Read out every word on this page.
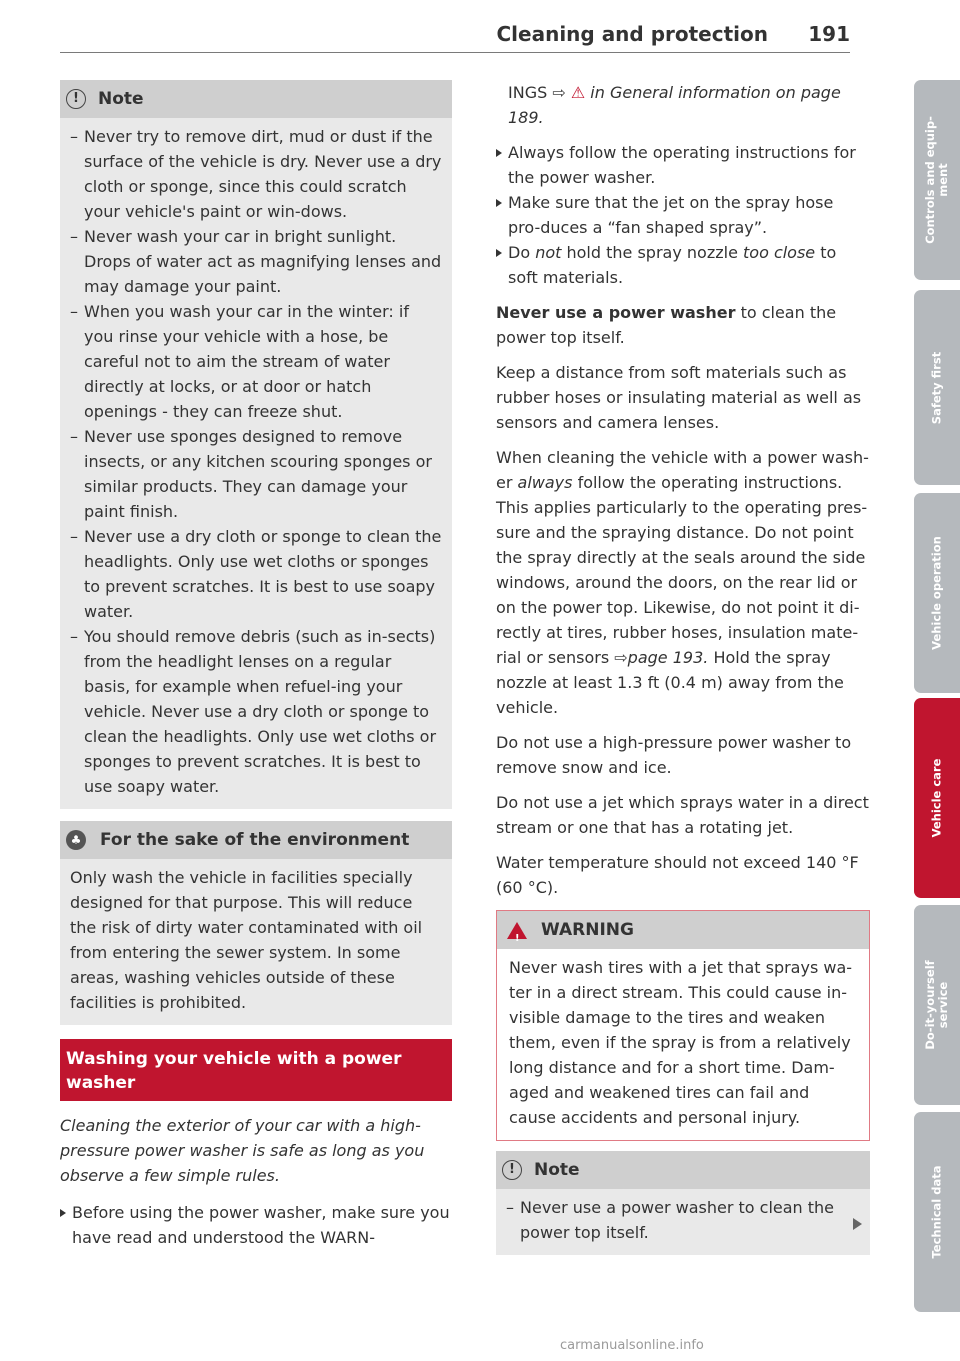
Cleaning and protection 191
!	Note
– Never try to remove dirt, mud or dust if the surface of the vehicle is dry. Never use a dry cloth or sponge, since this could scratch your vehicle's paint or win-dows.
– Never wash your car in bright sunlight. Drops of water act as magnifying lenses and may damage your paint.
– When you wash your car in the winter: if you rinse your vehicle with a hose, be careful not to aim the stream of water directly at locks, or at door or hatch openings - they can freeze shut.
– Never use sponges designed to remove insects, or any kitchen scouring sponges or similar products. They can damage your paint finish.
– Never use a dry cloth or sponge to clean the headlights. Only use wet cloths or sponges to prevent scratches. It is best to use soapy water.
– You should remove debris (such as in-sects) from the headlight lenses on a regular basis, for example when refuel-ing your vehicle. Never use a dry cloth or sponge to clean the headlights. Only use wet cloths or sponges to prevent scratches. It is best to use soapy water.
♣ For the sake of the environment

Only wash the vehicle in facilities specially designed for that purpose. This will reduce the risk of dirty water contaminated with oil from entering the sewer system. In some areas, washing vehicles outside of these facilities is prohibited.

Washing your vehicle with a power washer

Cleaning the exterior of your car with a high-pressure power washer is safe as long as you observe a few simple rules.

Before using the power washer, make sure you have read and understood the WARN-

INGS ⇨ ⚠ in General information on page 189.

Always follow the operating instructions for the power washer.
Make sure that the jet on the spray hose pro-duces a “fan shaped spray”.
Do not hold the spray nozzle too close to soft materials.

Never use a power washer to clean the power top itself.

Keep a distance from soft materials such as rubber hoses or insulating material as well as sensors and camera lenses.

When cleaning the vehicle with a power wash-er always follow the operating instructions. This applies particularly to the operating pres-sure and the spraying distance. Do not point the spray directly at the seals around the side windows, around the doors, on the rear lid or on the power top. Likewise, do not point it di-rectly at tires, rubber hoses, insulation mate-rial or sensors ⇨page 193. Hold the spray nozzle at least 1.3 ft (0.4 m) away from the vehicle.

Do not use a high-pressure power washer to remove snow and ice.

Do not use a jet which sprays water in a direct stream or one that has a rotating jet.

Water temperature should not exceed 140 °F (60 °C).

! WARNING
Never wash tires with a jet that sprays wa-ter in a direct stream. This could cause in-visible damage to the tires and weaken them, even if the spray is from a relatively long distance and for a short time. Dam-aged and weakened tires can fail and cause accidents and personal injury.
!	Note
– Never use a power washer to clean the power top itself.
Controls and equip-
ment
Safety first
Vehicle operation
Vehicle care
Do-it-yourself
service
Technical data
carmanualsonline.info
